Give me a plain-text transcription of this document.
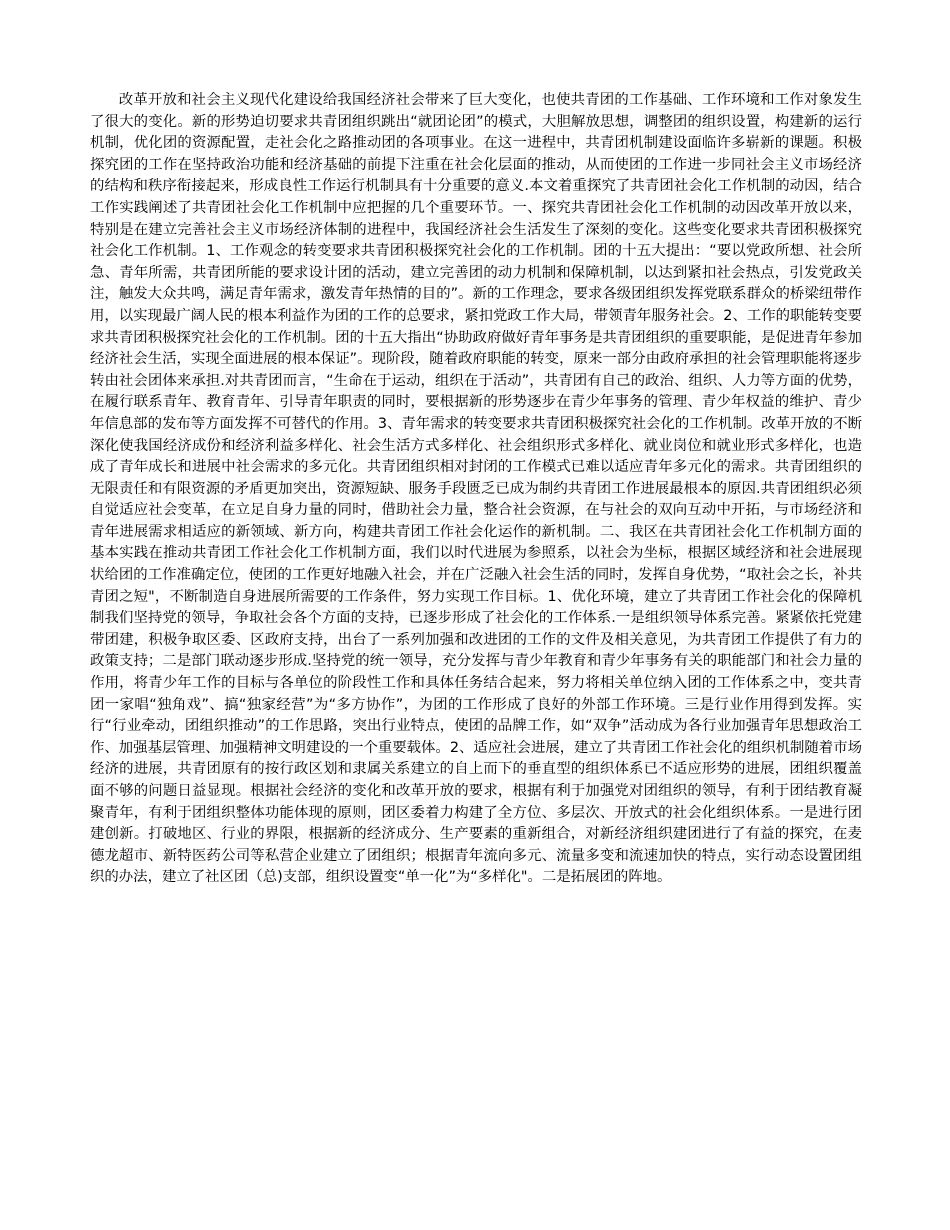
改革开放和社会主义现代化建设给我国经济社会带来了巨大变化，也使共青团的工作基础、工作环境和工作对象发生了很大的变化。新的形势迫切要求共青团组织跳出“就团论团”的模式，大胆解放思想，调整团的组织设置，构建新的运行机制，优化团的资源配置，走社会化之路推动团的各项事业。在这一进程中，共青团机制建设面临许多崭新的课题。积极探究团的工作在坚持政治功能和经济基础的前提下注重在社会化层面的推动，从而使团的工作进一步同社会主义市场经济的结构和秩序衔接起来，形成良性工作运行机制具有十分重要的意义.本文着重探究了共青团社会化工作机制的动因，结合工作实践阐述了共青团社会化工作机制中应把握的几个重要环节。一、探究共青团社会化工作机制的动因改革开放以来，特别是在建立完善社会主义市场经济体制的进程中，我国经济社会生活发生了深刻的变化。这些变化要求共青团积极探究社会化工作机制。1、工作观念的转变要求共青团积极探究社会化的工作机制。团的十五大提出：“要以党政所想、社会所急、青年所需，共青团所能的要求设计团的活动，建立完善团的动力机制和保障机制，以达到紧扣社会热点，引发党政关注，触发大众共鸣，满足青年需求，激发青年热情的目的”。新的工作理念，要求各级团组织发挥党联系群众的桥梁纽带作用，以实现最广阔人民的根本利益作为团的工作的总要求，紧扣党政工作大局，带领青年服务社会。2、工作的职能转变要求共青团积极探究社会化的工作机制。团的十五大指出“协助政府做好青年事务是共青团组织的重要职能，是促进青年参加经济社会生活，实现全面进展的根本保证”。现阶段，随着政府职能的转变，原来一部分由政府承担的社会管理职能将逐步转由社会团体来承担.对共青团而言，“生命在于运动，组织在于活动”，共青团有自己的政治、组织、人力等方面的优势，在履行联系青年、教育青年、引导青年职责的同时，要根据新的形势逐步在青少年事务的管理、青少年权益的维护、青少年信息部的发布等方面发挥不可替代的作用。3、青年需求的转变要求共青团积极探究社会化的工作机制。改革开放的不断深化使我国经济成份和经济利益多样化、社会生活方式多样化、社会组织形式多样化、就业岗位和就业形式多样化，也造成了青年成长和进展中社会需求的多元化。共青团组织相对封闭的工作模式已难以适应青年多元化的需求。共青团组织的无限责任和有限资源的矛盾更加突出，资源短缺、服务手段匮乏已成为制约共青团工作进展最根本的原因.共青团组织必须自觉适应社会变革，在立足自身力量的同时，借助社会力量，整合社会资源，在与社会的双向互动中开拓，与市场经济和青年进展需求相适应的新领域、新方向，构建共青团工作社会化运作的新机制。二、我区在共青团社会化工作机制方面的基本实践在推动共青团工作社会化工作机制方面，我们以时代进展为参照系，以社会为坐标，根据区域经济和社会进展现状给团的工作准确定位，使团的工作更好地融入社会，并在广泛融入社会生活的同时，发挥自身优势，“取社会之长，补共青团之短"，不断制造自身进展所需要的工作条件，努力实现工作目标。1、优化环境，建立了共青团工作社会化的保障机制我们坚持党的领导，争取社会各个方面的支持，已逐步形成了社会化的工作体系.一是组织领导体系完善。紧紧依托党建带团建，积极争取区委、区政府支持，出台了一系列加强和改进团的工作的文件及相关意见，为共青团工作提供了有力的政策支持；二是部门联动逐步形成.坚持党的统一领导，充分发挥与青少年教育和青少年事务有关的职能部门和社会力量的作用，将青少年工作的目标与各单位的阶段性工作和具体任务结合起来，努力将相关单位纳入团的工作体系之中，变共青团一家唱“独角戏”、搞“独家经营”为“多方协作”，为团的工作形成了良好的外部工作环境。三是行业作用得到发挥。实行“行业牵动，团组织推动”的工作思路，突出行业特点，使团的品牌工作，如“双争”活动成为各行业加强青年思想政治工作、加强基层管理、加强精神文明建设的一个重要载体。2、适应社会进展，建立了共青团工作社会化的组织机制随着市场经济的进展，共青团原有的按行政区划和隶属关系建立的自上而下的垂直型的组织体系已不适应形势的进展，团组织覆盖面不够的问题日益显现。根据社会经济的变化和改革开放的要求，根据有利于加强党对团组织的领导，有利于团结教育凝聚青年，有利于团组织整体功能体现的原则，团区委着力构建了全方位、多层次、开放式的社会化组织体系。一是进行团建创新。打破地区、行业的界限，根据新的经济成分、生产要素的重新组合，对新经济组织建团进行了有益的探究，在麦德龙超市、新特医药公司等私营企业建立了团组织；根据青年流向多元、流量多变和流速加快的特点，实行动态设置团组织的办法，建立了社区团（总)支部，组织设置变“单一化”为“多样化"。二是拓展团的阵地。
